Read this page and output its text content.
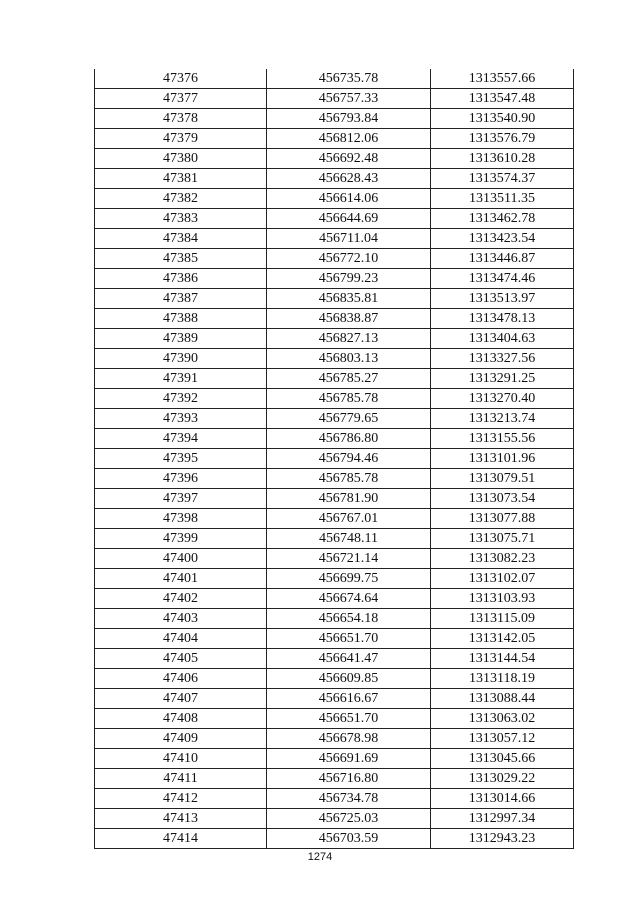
47376	456735.78	1313557.66
47377	456757.33	1313547.48
47378	456793.84	1313540.90
47379	456812.06	1313576.79
47380	456692.48	1313610.28
47381	456628.43	1313574.37
47382	456614.06	1313511.35
47383	456644.69	1313462.78
47384	456711.04	1313423.54
47385	456772.10	1313446.87
47386	456799.23	1313474.46
47387	456835.81	1313513.97
47388	456838.87	1313478.13
47389	456827.13	1313404.63
47390	456803.13	1313327.56
47391	456785.27	1313291.25
47392	456785.78	1313270.40
47393	456779.65	1313213.74
47394	456786.80	1313155.56
47395	456794.46	1313101.96
47396	456785.78	1313079.51
47397	456781.90	1313073.54
47398	456767.01	1313077.88
47399	456748.11	1313075.71
47400	456721.14	1313082.23
47401	456699.75	1313102.07
47402	456674.64	1313103.93
47403	456654.18	1313115.09
47404	456651.70	1313142.05
47405	456641.47	1313144.54
47406	456609.85	1313118.19
47407	456616.67	1313088.44
47408	456651.70	1313063.02
47409	456678.98	1313057.12
47410	456691.69	1313045.66
47411	456716.80	1313029.22
47412	456734.78	1313014.66
47413	456725.03	1312997.34
47414	456703.59	1312943.23
1274
